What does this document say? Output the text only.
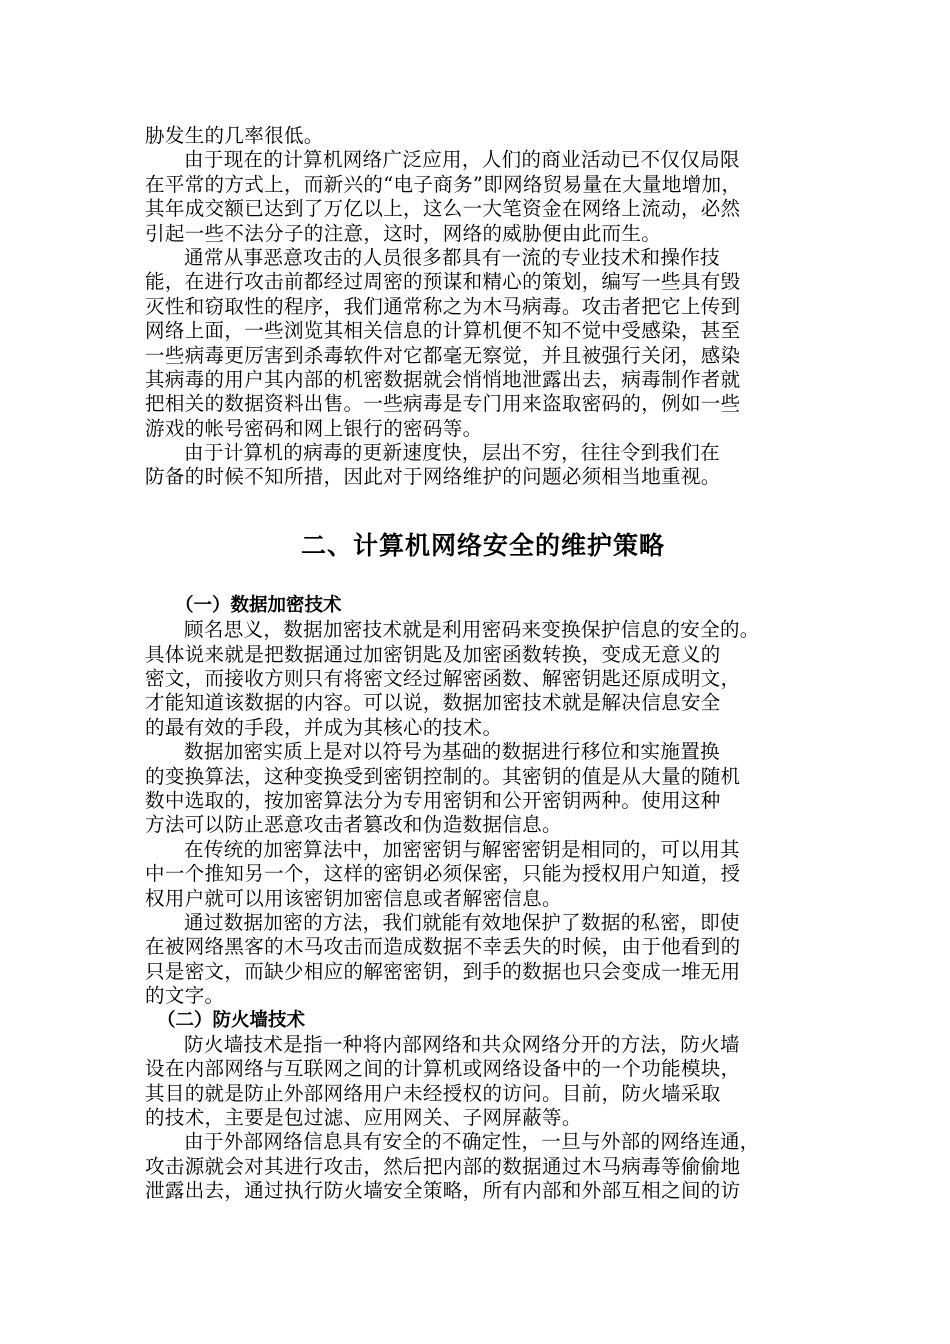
胁发生的几率很低。
由于现在的计算机网络广泛应用，人们的商业活动已不仅仅局限
在平常的方式上，而新兴的“电子商务”即网络贸易量在大量地增加，
其年成交额已达到了万亿以上，这么一大笔资金在网络上流动，必然
引起一些不法分子的注意，这时，网络的威胁便由此而生。
通常从事恶意攻击的人员很多都具有一流的专业技术和操作技
能，在进行攻击前都经过周密的预谋和精心的策划，编写一些具有毁
灭性和窃取性的程序，我们通常称之为木马病毒。攻击者把它上传到
网络上面，一些浏览其相关信息的计算机便不知不觉中受感染，甚至
一些病毒更厉害到杀毒软件对它都毫无察觉，并且被强行关闭，感染
其病毒的用户其内部的机密数据就会悄悄地泄露出去，病毒制作者就
把相关的数据资料出售。一些病毒是专门用来盗取密码的，例如一些
游戏的帐号密码和网上银行的密码等。
由于计算机的病毒的更新速度快，层出不穷，往往令到我们在
防备的时候不知所措，因此对于网络维护的问题必须相当地重视。
二、计算机网络安全的维护策略
（一）数据加密技术
顾名思义，数据加密技术就是利用密码来变换保护信息的安全的。
具体说来就是把数据通过加密钥匙及加密函数转换，变成无意义的
密文，而接收方则只有将密文经过解密函数、解密钥匙还原成明文，
才能知道该数据的内容。可以说，数据加密技术就是解决信息安全
的最有效的手段，并成为其核心的技术。
数据加密实质上是对以符号为基础的数据进行移位和实施置换
的变换算法，这种变换受到密钥控制的。其密钥的值是从大量的随机
数中选取的，按加密算法分为专用密钥和公开密钥两种。使用这种
方法可以防止恶意攻击者篡改和伪造数据信息。
在传统的加密算法中，加密密钥与解密密钥是相同的，可以用其
中一个推知另一个，这样的密钥必须保密，只能为授权用户知道，授
权用户就可以用该密钥加密信息或者解密信息。
通过数据加密的方法，我们就能有效地保护了数据的私密，即使
在被网络黑客的木马攻击而造成数据不幸丢失的时候，由于他看到的
只是密文，而缺少相应的解密密钥，到手的数据也只会变成一堆无用
的文字。
（二）防火墙技术
防火墙技术是指一种将内部网络和共众网络分开的方法，防火墙
设在内部网络与互联网之间的计算机或网络设备中的一个功能模块，
其目的就是防止外部网络用户未经授权的访问。目前，防火墙采取
的技术，主要是包过滤、应用网关、子网屏蔽等。
由于外部网络信息具有安全的不确定性，一旦与外部的网络连通，
攻击源就会对其进行攻击，然后把内部的数据通过木马病毒等偷偷地
泄露出去，通过执行防火墙安全策略，所有内部和外部互相之间的访
